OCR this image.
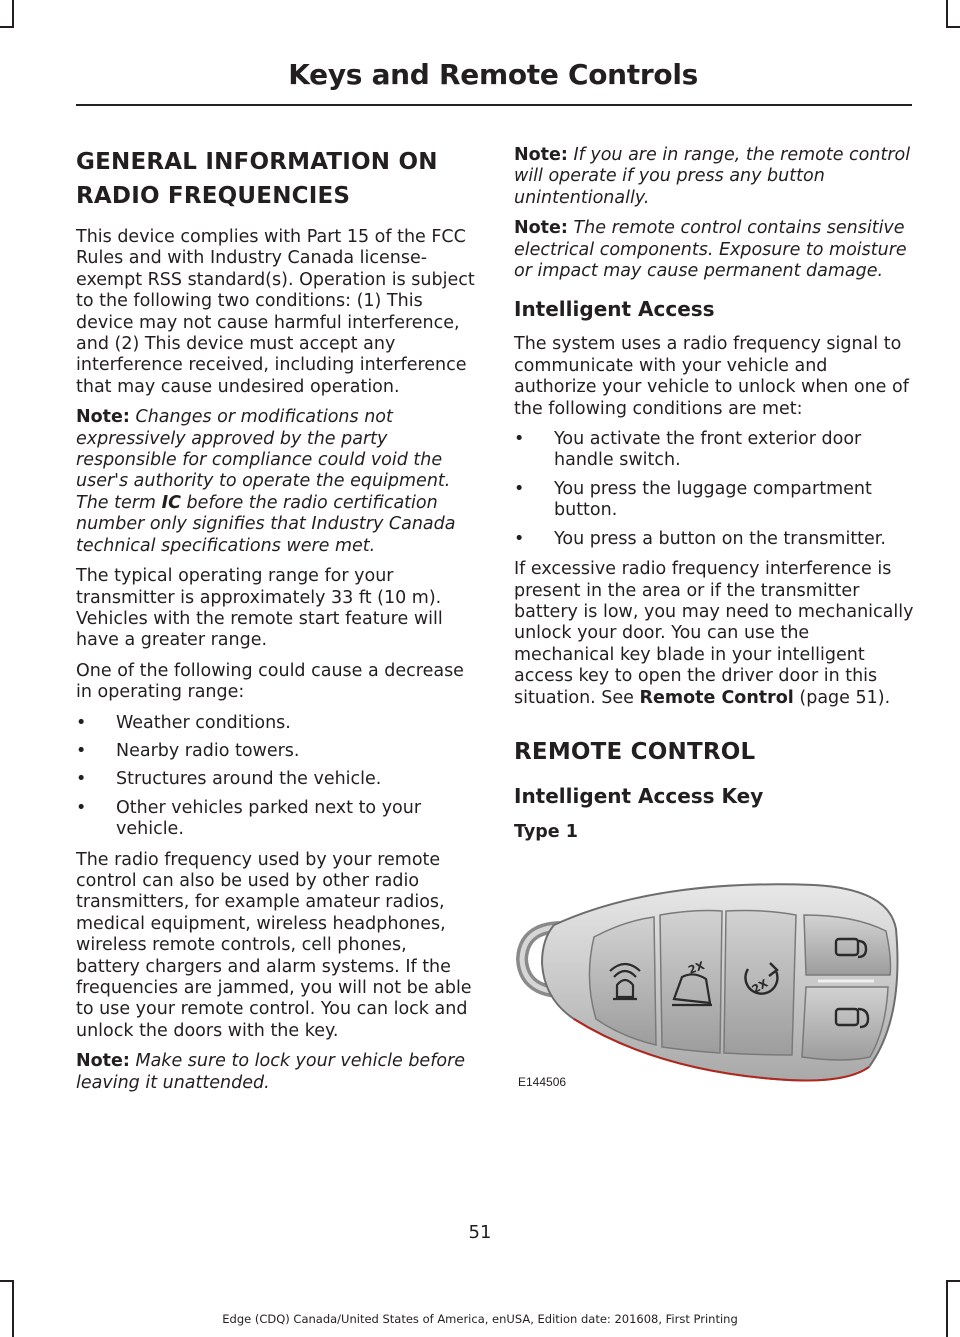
Keys and Remote Controls
GENERAL INFORMATION ON
RADIO FREQUENCIES

This device complies with Part 15 of the FCC Rules and with Industry Canada license-exempt RSS standard(s). Operation is subject to the following two conditions: (1) This device may not cause harmful interference, and (2) This device must accept any interference received, including interference that may cause undesired operation.

Note: Changes or modifications not expressively approved by the party responsible for compliance could void the user's authority to operate the equipment. The term IC before the radio certification number only signifies that Industry Canada technical specifications were met.

The typical operating range for your transmitter is approximately 33 ft (10 m). Vehicles with the remote start feature will have a greater range.

One of the following could cause a decrease in operating range:

•	Weather conditions.
•	Nearby radio towers.
•	Structures around the vehicle.
•	Other vehicles parked next to your vehicle.

The radio frequency used by your remote control can also be used by other radio transmitters, for example amateur radios, medical equipment, wireless headphones, wireless remote controls, cell phones, battery chargers and alarm systems. If the frequencies are jammed, you will not be able to use your remote control. You can lock and unlock the doors with the key.

Note: Make sure to lock your vehicle before leaving it unattended.

Note: If you are in range, the remote control will operate if you press any button unintentionally.

Note: The remote control contains sensitive electrical components. Exposure to moisture or impact may cause permanent damage.

Intelligent Access

The system uses a radio frequency signal to communicate with your vehicle and authorize your vehicle to unlock when one of the following conditions are met:

•	You activate the front exterior door handle switch.
•	You press the luggage compartment button.
•	You press a button on the transmitter.

If excessive radio frequency interference is present in the area or if the transmitter battery is low, you may need to mechanically unlock your door. You can use the mechanical key blade in your intelligent access key to open the driver door in this situation. See Remote Control (page 51).

REMOTE CONTROL
Intelligent Access Key
Type 1
2X
2X
E144506

51

Edge (CDQ) Canada/United States of America, enUSA, Edition date: 201608, First Printing
